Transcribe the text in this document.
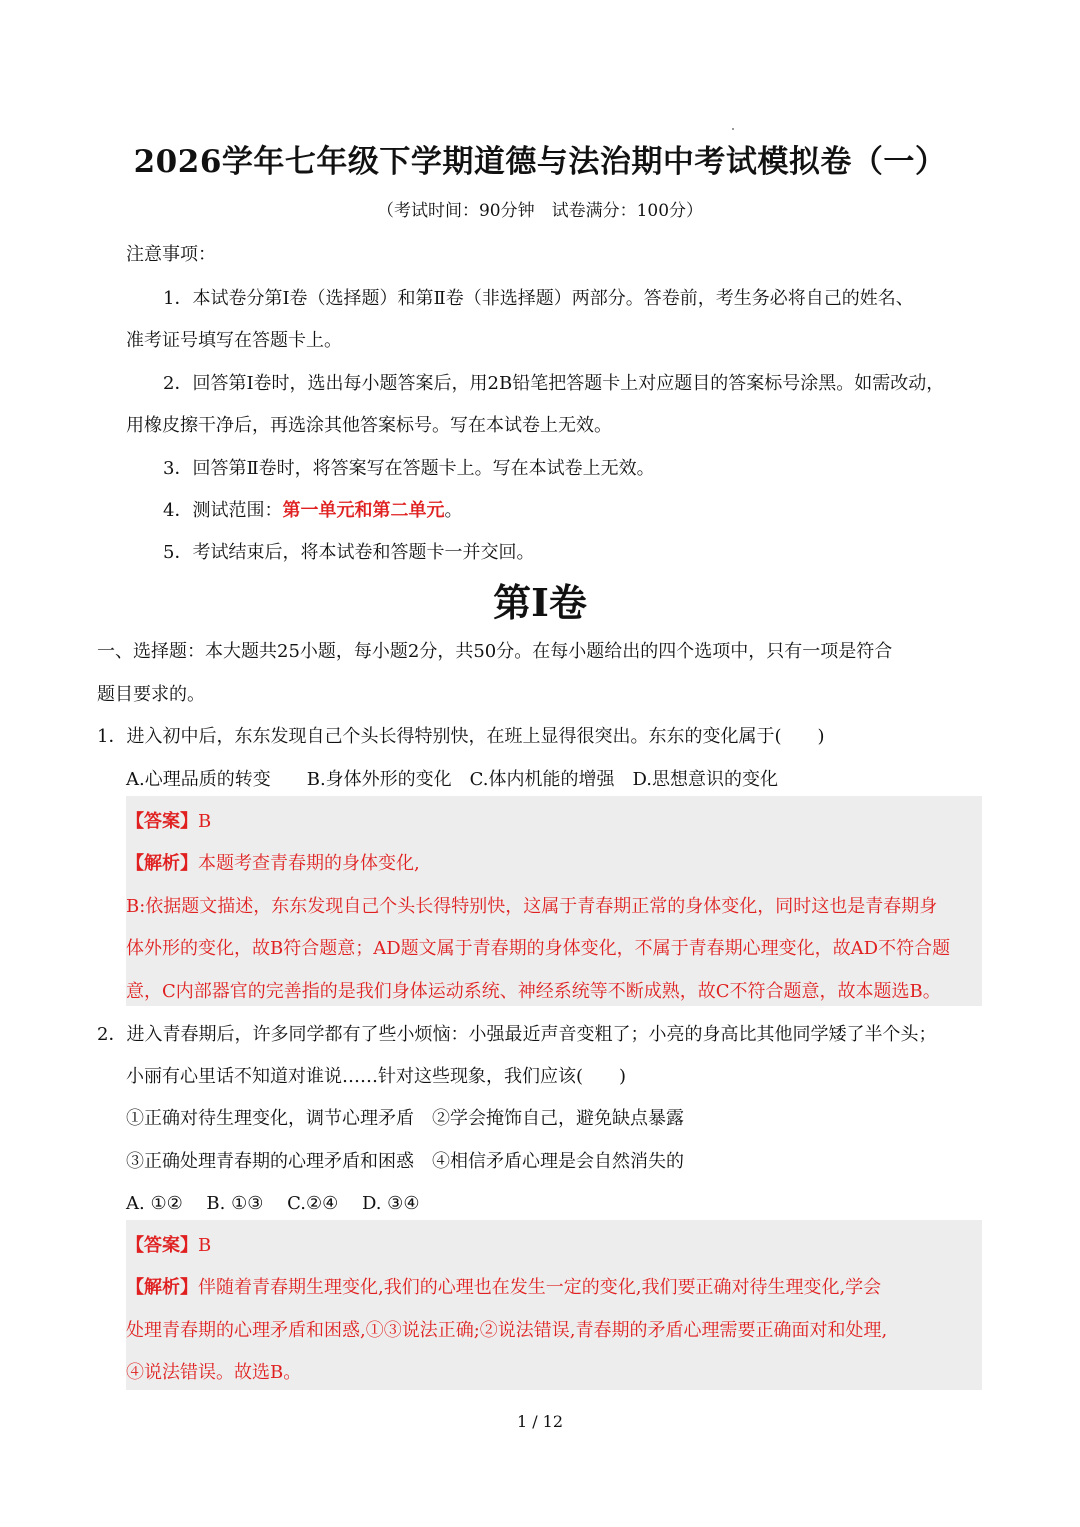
2026学年七年级下学期道德与法治期中考试模拟卷（一）
（考试时间：90分钟　试卷满分：100分）
注意事项：
1．本试卷分第Ⅰ卷（选择题）和第Ⅱ卷（非选择题）两部分。答卷前，考生务必将自己的姓名、
准考证号填写在答题卡上。
2．回答第Ⅰ卷时，选出每小题答案后，用2B铅笔把答题卡上对应题目的答案标号涂黑。如需改动，
用橡皮擦干净后，再选涂其他答案标号。写在本试卷上无效。
3．回答第Ⅱ卷时，将答案写在答题卡上。写在本试卷上无效。
4．测试范围：第一单元和第二单元。
5．考试结束后，将本试卷和答题卡一并交回。
第Ⅰ卷
一、选择题：本大题共25小题，每小题2分，共50分。在每小题给出的四个选项中，只有一项是符合
题目要求的。
1．进入初中后，东东发现自己个头长得特别快，在班上显得很突出。东东的变化属于(　　)
A.心理品质的转变　　B.身体外形的变化　C.体内机能的增强　D.思想意识的变化
【答案】B
【解析】本题考查青春期的身体变化,
B:依据题文描述，东东发现自己个头长得特别快，这属于青春期正常的身体变化，同时这也是青春期身
体外形的变化，故B符合题意；AD题文属于青春期的身体变化，不属于青春期心理变化，故AD不符合题
意，C内部器官的完善指的是我们身体运动系统、神经系统等不断成熟，故C不符合题意，故本题选B。
2．进入青春期后，许多同学都有了些小烦恼：小强最近声音变粗了；小亮的身高比其他同学矮了半个头；
小丽有心里话不知道对谁说……针对这些现象，我们应该(　　)
①正确对待生理变化，调节心理矛盾　②学会掩饰自己，避免缺点暴露
③正确处理青春期的心理矛盾和困惑　④相信矛盾心理是会自然消失的
A. ①②　 B. ①③　 C.②④　 D. ③④
【答案】B
【解析】伴随着青春期生理变化,我们的心理也在发生一定的变化,我们要正确对待生理变化,学会
处理青春期的心理矛盾和困惑,①③说法正确;②说法错误,青春期的矛盾心理需要正确面对和处理,
④说法错误。故选B。
1 / 12
